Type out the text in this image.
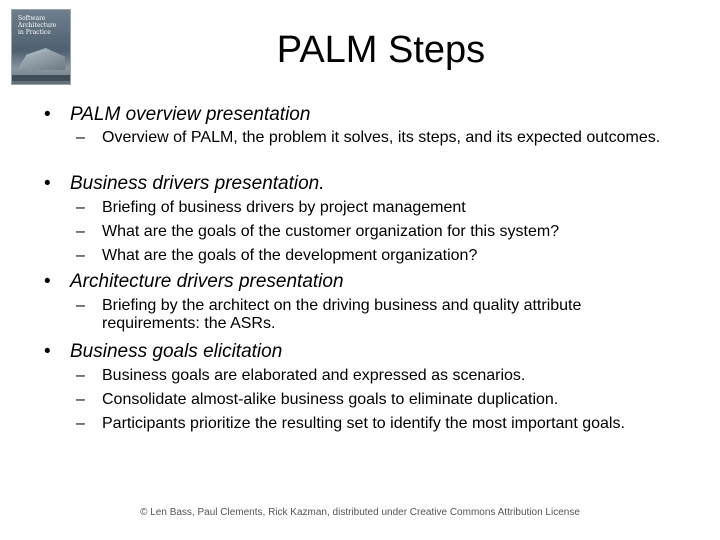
Software
Architecture
in Practice	PALM Steps
• PALM overview presentation
– Overview of PALM, the problem it solves, its steps, and its expected outcomes.
• Business drivers presentation.
– Briefing of business drivers by project management
– What are the goals of the customer organization for this system?
– What are the goals of the development organization?
• Architecture drivers presentation
– Briefing by the architect on the driving business and quality attribute requirements: the ASRs.
• Business goals elicitation
– Business goals are elaborated and expressed as scenarios.
– Consolidate almost-alike business goals to eliminate duplication.
– Participants prioritize the resulting set to identify the most important goals.
© Len Bass, Paul Clements, Rick Kazman, distributed under Creative Commons Attribution License
